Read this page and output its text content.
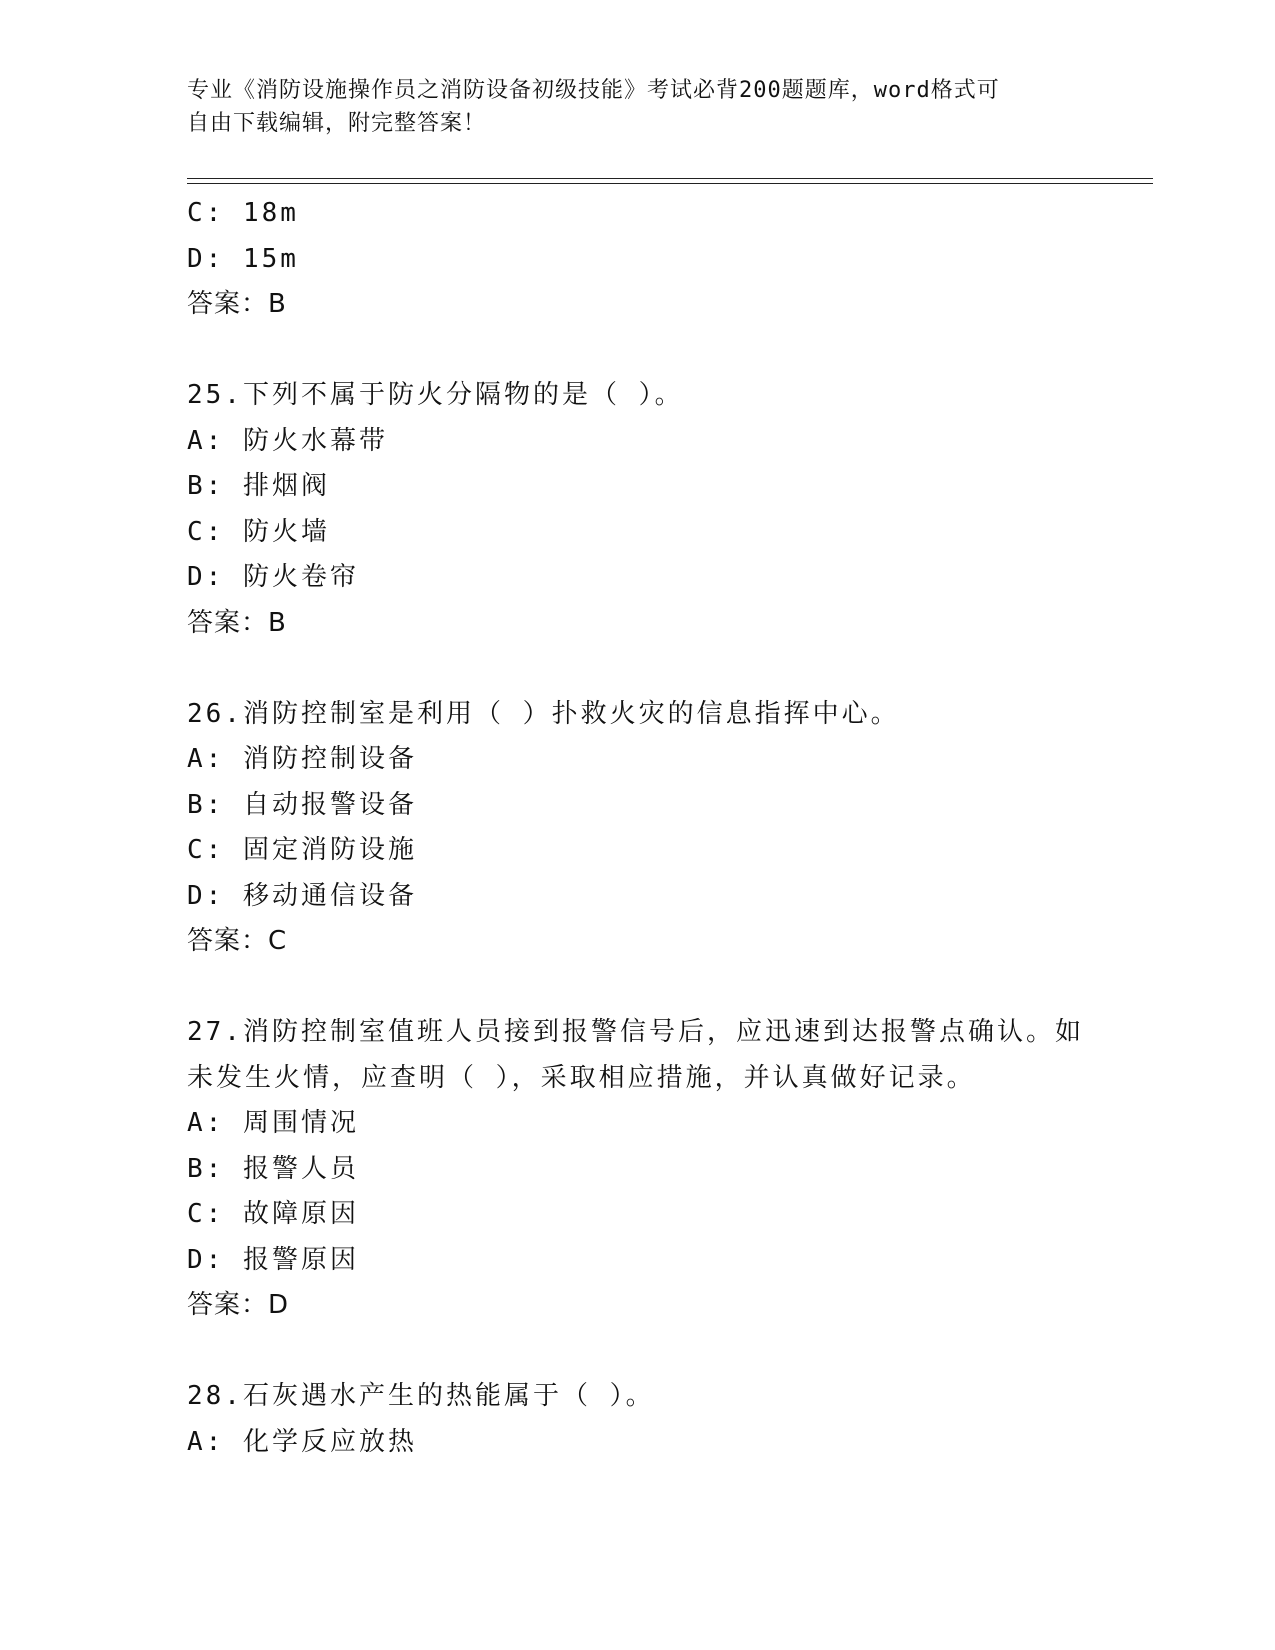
专业《消防设施操作员之消防设备初级技能》考试必背200题题库，word格式可
自由下载编辑，附完整答案！
C: 18m
D: 15m
答案：B
25.下列不属于防火分隔物的是（ ）。
A: 防火水幕带
B: 排烟阀
C: 防火墙
D: 防火卷帘
答案：B
26.消防控制室是利用（ ）扑救火灾的信息指挥中心。
A: 消防控制设备
B: 自动报警设备
C: 固定消防设施
D: 移动通信设备
答案：C
27.消防控制室值班人员接到报警信号后，应迅速到达报警点确认。如
未发生火情，应查明（ ），采取相应措施，并认真做好记录。
A: 周围情况
B: 报警人员
C: 故障原因
D: 报警原因
答案：D
28.石灰遇水产生的热能属于（ ）。
A: 化学反应放热
